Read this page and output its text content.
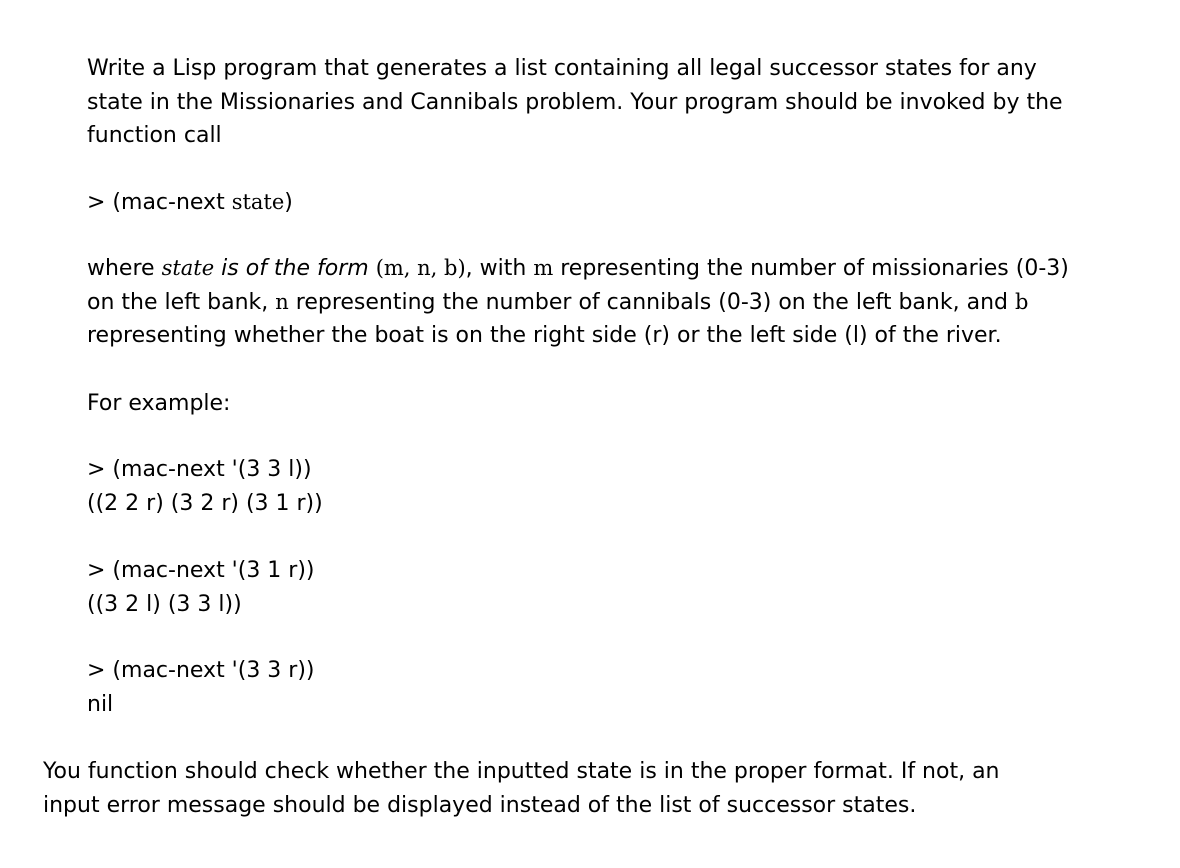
Write a Lisp program that generates a list containing all legal successor states for any
state in the Missionaries and Cannibals problem. Your program should be invoked by the
function call
> (mac-next state)
where state is of the form (m, n, b), with m representing the number of missionaries (0-3)
on the left bank, n representing the number of cannibals (0-3) on the left bank, and b
representing whether the boat is on the right side (r) or the left side (l) of the river.
For example:
> (mac-next '(3 3 l))
((2 2 r) (3 2 r) (3 1 r))
> (mac-next '(3 1 r))
((3 2 l) (3 3 l))
> (mac-next '(3 3 r))
nil
You function should check whether the inputted state is in the proper format. If not, an
input error message should be displayed instead of the list of successor states.
